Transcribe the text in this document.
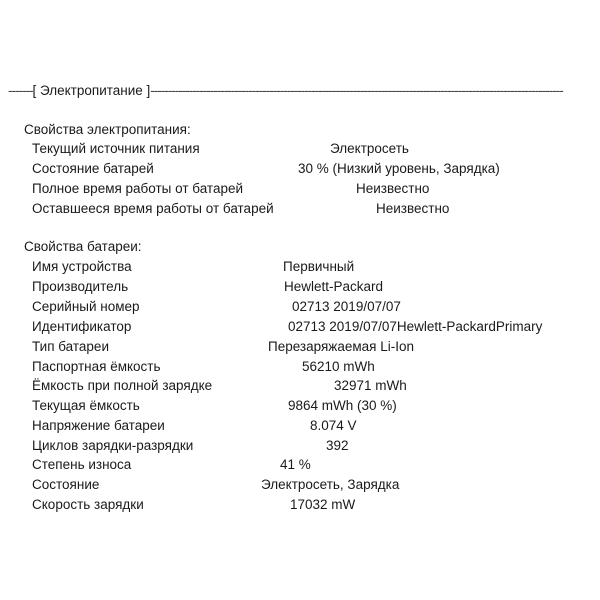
-------[ Электропитание ]----------------------------------------------------------------------------------------------------------------------
Свойства электропитания:
Текущий источник питания	Электросеть
Состояние батарей	30 % (Низкий уровень, Зарядка)
Полное время работы от батарей	Неизвестно
Оставшееся время работы от батарей	Неизвестно
Свойства батареи:
Имя устройства	Первичный
Производитель	Hewlett-Packard
Серийный номер	02713 2019/07/07
Идентификатор	02713 2019/07/07Hewlett-PackardPrimary
Тип батареи	Перезаряжаемая Li-Ion
Паспортная ёмкость	56210 mWh
Ёмкость при полной зарядке	32971 mWh
Текущая ёмкость	9864 mWh (30 %)
Напряжение батареи	8.074 V
Циклов зарядки-разрядки	392
Степень износа	41 %
Состояние	Электросеть, Зарядка
Скорость зарядки	17032 mW
